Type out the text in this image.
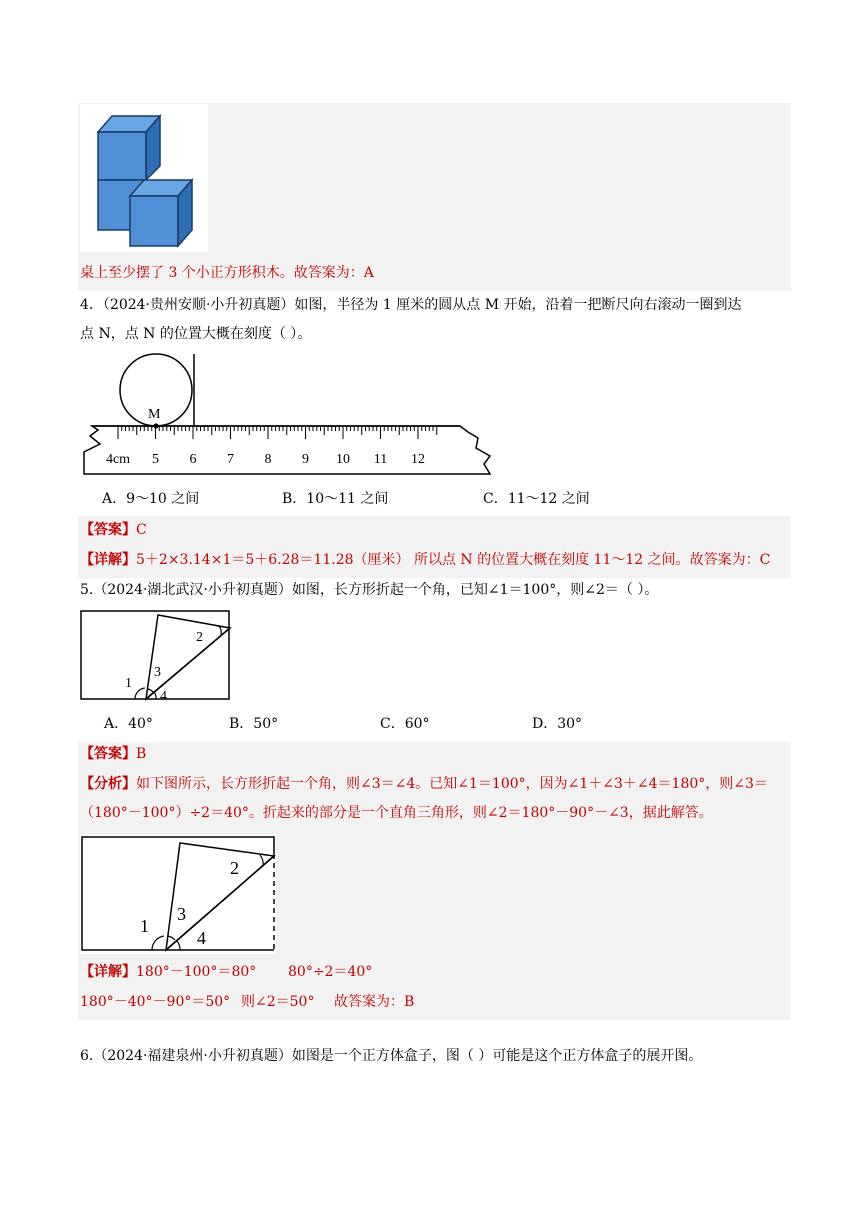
桌上至少摆了 3 个小正方形积木。故答案为：A
4．（2024·贵州安顺·小升初真题）如图，半径为 1 厘米的圆从点 M 开始，沿着一把断尺向右滚动一圈到达
点 N，点 N 的位置大概在刻度（ ）。
4cm 5 6 7 8 9 10 11 12
M
A．9～10 之间	B．10～11 之间	C．11～12 之间
【答案】C
【详解】5＋2×3.14×1＝5＋6.28＝11.28（厘米） 所以点 N 的位置大概在刻度 11～12 之间。故答案为：C
5.（2024·湖北武汉·小升初真题）如图，长方形折起一个角，已知∠1＝100°，则∠2＝（ ）。
1
2
3
4
A．40°	B．50°	C．60°	D．30°
【答案】B
【分析】如下图所示，长方形折起一个角，则∠3＝∠4。已知∠1＝100°，因为∠1＋∠3＋∠4＝180°，则∠3＝
（180°－100°）÷2＝40°。折起来的部分是一个直角三角形，则∠2＝180°－90°－∠3，据此解答。
1
2
3
4
【详解】180°－100°＝80° 80°÷2＝40°
180°－40°－90°＝50° 则∠2＝50° 故答案为：B
6.（2024·福建泉州·小升初真题）如图是一个正方体盒子，图（ ）可能是这个正方体盒子的展开图。
